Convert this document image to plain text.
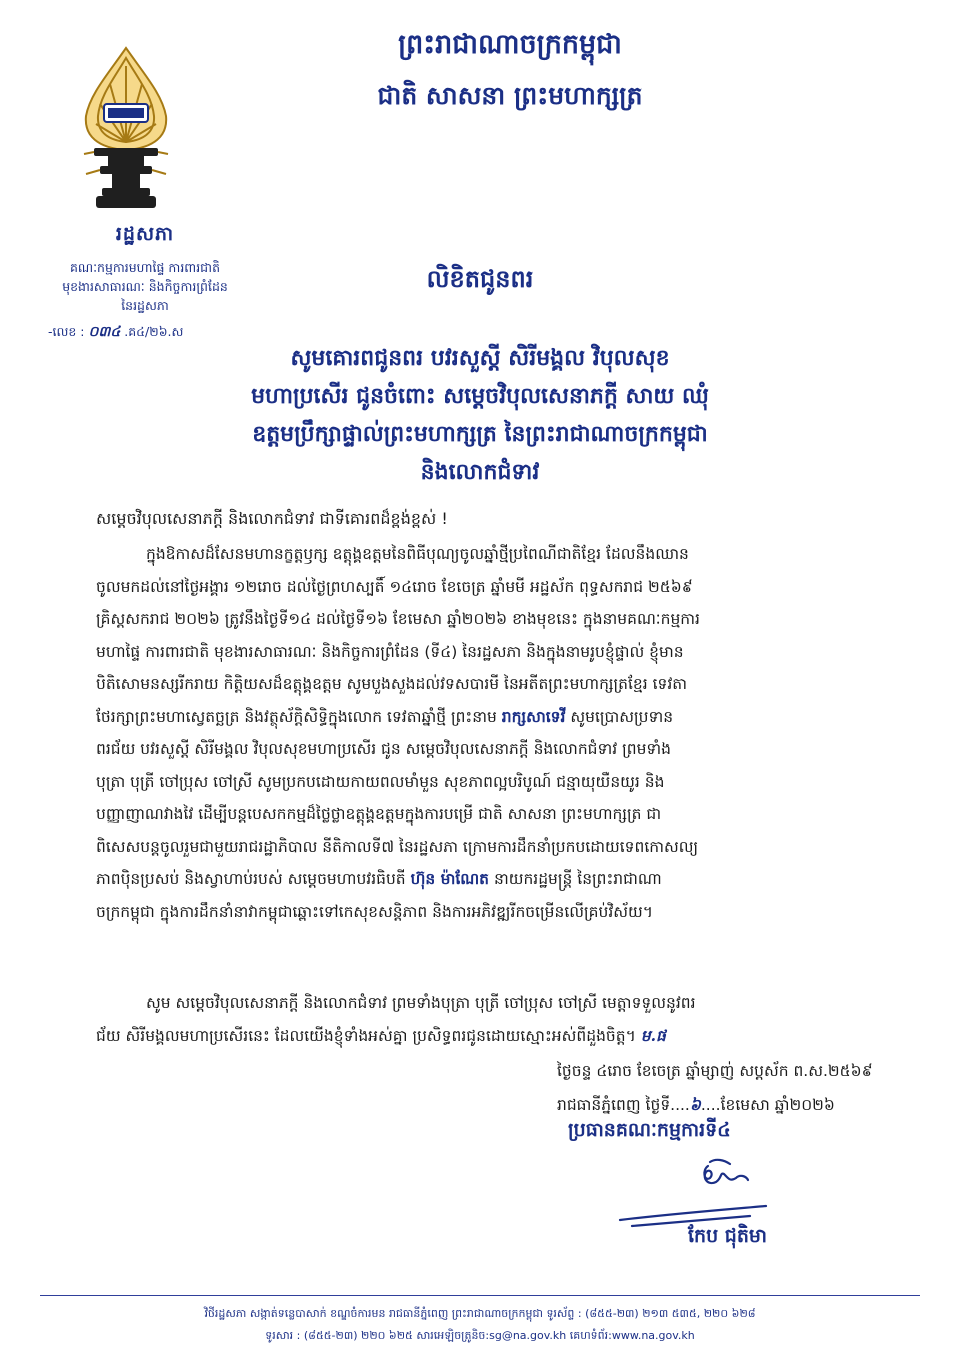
រដ្ឋសភា
គណៈកម្មការមហាផ្ទៃ ការពារជាតិ
មុខងារសាធារណៈ និងកិច្ចការព្រំដែន
នៃរដ្ឋសភា
-លេខ : ០៣៤ .គ៤/២៦.ស
ព្រះរាជាណាចក្រកម្ពុជា
ជាតិ សាសនា ព្រះមហាក្សត្រ
លិខិតជូនពរ
សូមគោរពជូនពរ បវរសួស្តី សិរីមង្គល វិបុលសុខ
មហាប្រសើរ ជូនចំពោះ សម្តេចវិបុលសេនាភក្តី សាយ ឈុំ
ឧត្តមប្រឹក្សាផ្ទាល់ព្រះមហាក្សត្រ នៃព្រះរាជាណាចក្រកម្ពុជា
និងលោកជំទាវ
សម្តេចវិបុលសេនាភក្តី និងលោកជំទាវ ជាទីគោរពដ៏ខ្ពង់ខ្ពស់ !
ក្នុងឱកាសដ៏សែនមហានក្ខត្តឫក្ស ឧត្តុង្គឧត្តមនៃពិធីបុណ្យចូលឆ្នាំថ្មីប្រពៃណីជាតិខ្មែរ ដែលនឹងឈាន
ចូលមកដល់នៅថ្ងៃអង្គារ ១២រោច ដល់ថ្ងៃព្រហស្បតិ៍ ១៤រោច ខែចេត្រ ឆ្នាំមមី អដ្ឋស័ក ពុទ្ធសករាជ ២៥៦៩
គ្រិស្តសករាជ ២០២៦ ត្រូវនឹងថ្ងៃទី១៤ ដល់ថ្ងៃទី១៦ ខែមេសា ឆ្នាំ២០២៦ ខាងមុខនេះ ក្នុងនាមគណៈកម្មការ
មហាផ្ទៃ ការពារជាតិ មុខងារសាធារណៈ និងកិច្ចការព្រំដែន (ទី៤) នៃរដ្ឋសភា និងក្នុងនាមរូបខ្ញុំផ្ទាល់ ខ្ញុំមាន
បិតិសោមនស្សរីករាយ កិត្តិយសដ៏ឧត្តុង្គឧត្តម សូមបួងសួងដល់វទសបារមី នៃអតីតព្រះមហាក្សត្រខ្មែរ ទេវតា
ថែរក្សាព្រះមហាស្វេតច្ឆត្រ និងវត្ថុស័ក្តិសិទ្ធិក្នុងលោក ទេវតាឆ្នាំថ្មី ព្រះនាម រាក្សសាទេវី សូមប្រោសប្រទាន
ពរជ័យ បវរសួស្តី សិរីមង្គល វិបុលសុខមហាប្រសើរ ជូន សម្តេចវិបុលសេនាភក្តី និងលោកជំទាវ ព្រមទាំង
បុត្រា បុត្រី ចៅប្រុស ចៅស្រី សូមប្រកបដោយកាយពលមាំមួន សុខភាពល្អបរិបូណ៍ ជន្មាយុយឺនយូរ និង
បញ្ញាញាណវាងវៃ ដើម្បីបន្តបេសកកម្មដ៏ថ្លៃថ្លាឧត្តុង្គឧត្តមក្នុងការបម្រើ ជាតិ សាសនា ព្រះមហាក្សត្រ ជា
ពិសេសបន្តចូលរួមជាមួយរាជរដ្ឋាភិបាល នីតិកាលទី៧ នៃរដ្ឋសភា ក្រោមការដឹកនាំប្រកបដោយទេពកោសល្យ
ភាពប៉ិនប្រសប់ និងស្វាហាប់របស់ សម្តេចមហាបវរធិបតី ហ៊ុន ម៉ាណែត នាយករដ្ឋមន្ត្រី នៃព្រះរាជាណា
ចក្រកម្ពុជា ក្នុងការដឹកនាំនាវាកម្ពុជាឆ្ពោះទៅកេសុខសន្តិភាព និងការអភិវឌ្ឍរីកចម្រើនលើគ្រប់វិស័យ។
សូម សម្តេចវិបុលសេនាភក្តី និងលោកជំទាវ ព្រមទាំងបុត្រា បុត្រី ចៅប្រុស ចៅស្រី មេត្តាទទួលនូវពរ
ជ័យ សិរីមង្គលមហាប្រសើរនេះ ដែលយើងខ្ញុំទាំងអស់គ្នា ប្រសិទ្ធពរជូនដោយស្មោះអស់ពីដួងចិត្ត។ ម.ផ
ថ្ងៃចន្ទ ៤រោច ខែចេត្រ ឆ្នាំម្សាញ់ សប្តស័ក ព.ស.២៥៦៩
រាជធានីភ្នំពេញ ថ្ងៃទី....៦....ខែមេសា ឆ្នាំ២០២៦
ប្រធានគណៈកម្មការទី៤
កែប ជុតិមា
វិថីរដ្ឋសភា សង្កាត់ទន្លេបាសាក់ ខណ្ឌចំការមន រាជធានីភ្នំពេញ ព្រះរាជាណាចក្រកម្ពុជា ទូរស័ព្ទ : (៨៥៥-២៣) ២១៣ ៥៣៥, ២២០ ៦២៨
ទូរសារ : (៨៥៥-២៣) ២២០ ៦២៥ សារអេឡិចត្រូនិច:sg@na.gov.kh គេហទំព័រ:www.na.gov.kh
